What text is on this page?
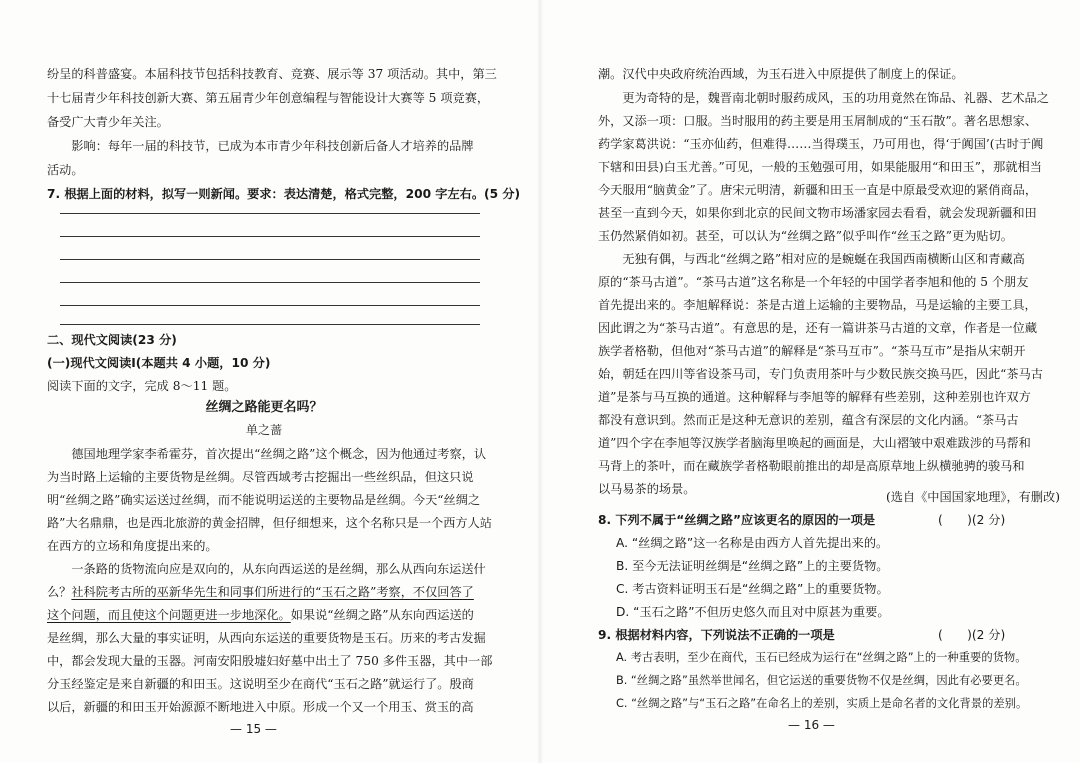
纷呈的科普盛宴。本届科技节包括科技教育、竞赛、展示等 37 项活动。其中，第三
十七届青少年科技创新大赛、第五届青少年创意编程与智能设计大赛等 5 项竞赛，
备受广大青少年关注。
　　影响：每年一届的科技节，已成为本市青少年科技创新后备人才培养的品牌
活动。
7. 根据上面的材料，拟写一则新闻。要求：表达清楚，格式完整，200 字左右。(5 分)
二、现代文阅读(23 分)
(一)现代文阅读Ⅰ(本题共 4 小题，10 分)
阅读下面的文字，完成 8～11 题。
丝绸之路能更名吗？
单之蔷
　　德国地理学家李希霍芬，首次提出“丝绸之路”这个概念，因为他通过考察，认
为当时路上运输的主要货物是丝绸。尽管西域考古挖掘出一些丝织品，但这只说
明“丝绸之路”确实运送过丝绸，而不能说明运送的主要物品是丝绸。今天“丝绸之
路”大名鼎鼎，也是西北旅游的黄金招牌，但仔细想来，这个名称只是一个西方人站
在西方的立场和角度提出来的。
　　一条路的货物流向应是双向的，从东向西运送的是丝绸，那么从西向东运送什
么？社科院考古所的巫新华先生和同事们所进行的“玉石之路”考察，不仅回答了
这个问题，而且使这个问题更进一步地深化。如果说“丝绸之路”从东向西运送的
是丝绸，那么大量的事实证明，从西向东运送的重要货物是玉石。历来的考古发掘
中，都会发现大量的玉器。河南安阳殷墟妇好墓中出土了 750 多件玉器，其中一部
分玉经鉴定是来自新疆的和田玉。这说明至少在商代“玉石之路”就运行了。殷商
以后，新疆的和田玉开始源源不断地进入中原。形成一个又一个用玉、赏玉的高
— 15 —
潮。汉代中央政府统治西域，为玉石进入中原提供了制度上的保证。
　　更为奇特的是，魏晋南北朝时服药成风，玉的功用竟然在饰品、礼器、艺术品之
外，又添一项：口服。当时服用的药主要是用玉屑制成的“玉石散”。著名思想家、
药学家葛洪说：“玉亦仙药，但难得……当得璞玉，乃可用也，得‘于阗国’(古时于阗
下辖和田县)白玉尤善。”可见，一般的玉勉强可用，如果能服用“和田玉”，那就相当
今天服用“脑黄金”了。唐宋元明清，新疆和田玉一直是中原最受欢迎的紧俏商品，
甚至一直到今天，如果你到北京的民间文物市场潘家园去看看，就会发现新疆和田
玉仍然紧俏如初。甚至，可以认为“丝绸之路”似乎叫作“丝玉之路”更为贴切。
　　无独有偶，与西北“丝绸之路”相对应的是蜿蜒在我国西南横断山区和青藏高
原的“茶马古道”。“茶马古道”这名称是一个年轻的中国学者李旭和他的 5 个朋友
首先提出来的。李旭解释说：茶是古道上运输的主要物品，马是运输的主要工具，
因此谓之为“茶马古道”。有意思的是，还有一篇讲茶马古道的文章，作者是一位藏
族学者格勒，但他对“茶马古道”的解释是“茶马互市”。“茶马互市”是指从宋朝开
始，朝廷在四川等省设茶马司，专门负责用茶叶与少数民族交换马匹，因此“茶马古
道”是茶与马互换的通道。这种解释与李旭等的解释有些差别，这种差别也许双方
都没有意识到。然而正是这种无意识的差别，蕴含有深层的文化内涵。“茶马古
道”四个字在李旭等汉族学者脑海里唤起的画面是，大山褶皱中艰难跋涉的马帮和
马背上的茶叶，而在藏族学者格勒眼前推出的却是高原草地上纵横驰骋的骏马和
以马易茶的场景。
(选自《中国国家地理》，有删改)
8. 下列不属于“丝绸之路”应该更名的原因的一项是	(　　)(2 分)
A. “丝绸之路”这一名称是由西方人首先提出来的。
B. 至今无法证明丝绸是“丝绸之路”上的主要货物。
C. 考古资料证明玉石是“丝绸之路”上的重要货物。
D. “玉石之路”不但历史悠久而且对中原甚为重要。
9. 根据材料内容，下列说法不正确的一项是	(　　)(2 分)
A. 考古表明，至少在商代，玉石已经成为运行在“丝绸之路”上的一种重要的货物。
B. “丝绸之路”虽然举世闻名，但它运送的重要货物不仅是丝绸，因此有必要更名。
C. “丝绸之路”与“玉石之路”在命名上的差别，实质上是命名者的文化背景的差别。
— 16 —
